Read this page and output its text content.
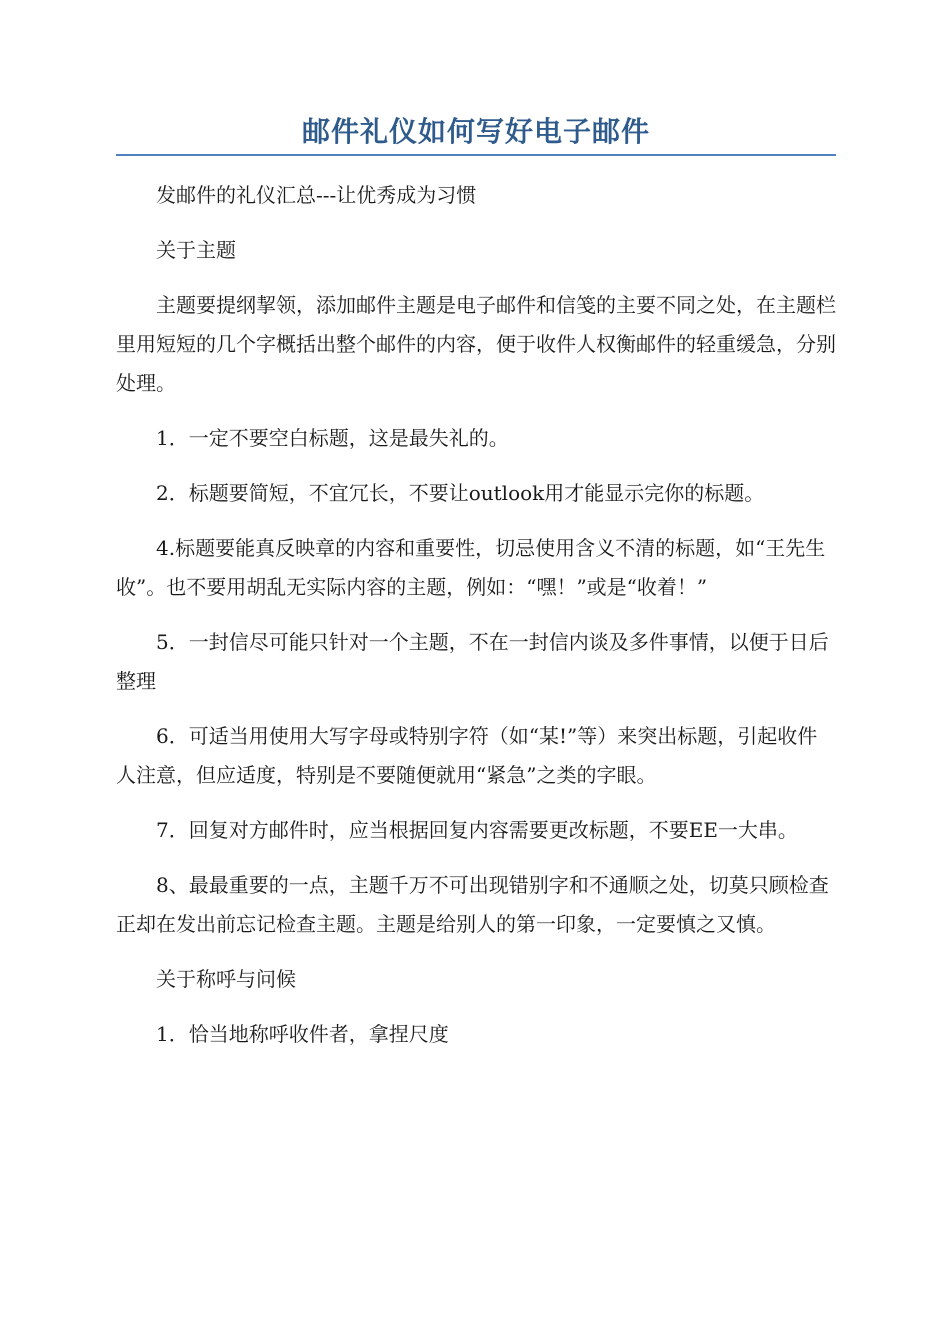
邮件礼仪如何写好电子邮件

发邮件的礼仪汇总---让优秀成为习惯

关于主题

主题要提纲挈领，添加邮件主题是电子邮件和信笺的主要不同之处，在主题栏里用短短的几个字概括出整个邮件的内容，便于收件人权衡邮件的轻重缓急，分别处理。

1．一定不要空白标题，这是最失礼的。

2．标题要简短，不宜冗长，不要让outlook用才能显示完你的标题。

4.标题要能真反映章的内容和重要性，切忌使用含义不清的标题，如“王先生收”。也不要用胡乱无实际内容的主题，例如：“嘿！”或是“收着！”

5．一封信尽可能只针对一个主题，不在一封信内谈及多件事情，以便于日后整理

6．可适当用使用大写字母或特别字符（如“某!”等）来突出标题，引起收件人注意，但应适度，特别是不要随便就用“紧急”之类的字眼。

7．回复对方邮件时，应当根据回复内容需要更改标题，不要EE一大串。

8、最最重要的一点，主题千万不可出现错别字和不通顺之处，切莫只顾检查正却在发出前忘记检查主题。主题是给别人的第一印象，一定要慎之又慎。

关于称呼与问候

1．恰当地称呼收件者，拿捏尺度
